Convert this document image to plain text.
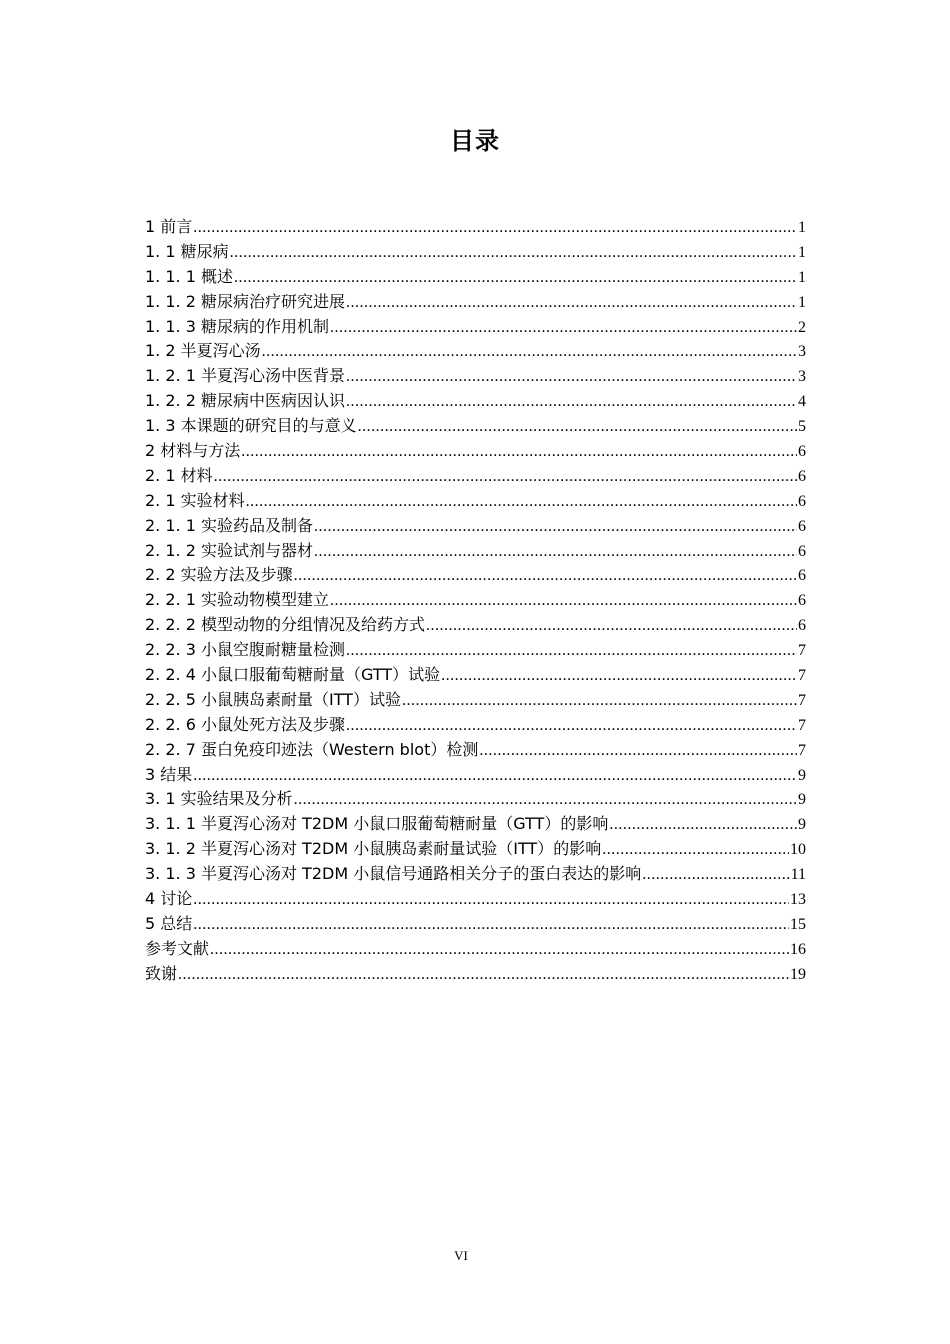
目录
1 前言 .....	1
1. 1 糖尿病 .....	1
1. 1. 1 概述 .....	1
1. 1. 2 糖尿病治疗研究进展 .....	1
1. 1. 3 糖尿病的作用机制 .....	2
1. 2 半夏泻心汤 .....	3
1. 2. 1 半夏泻心汤中医背景 .....	3
1. 2. 2 糖尿病中医病因认识 .....	4
1. 3 本课题的研究目的与意义 .....	5
2 材料与方法 .....	6
2. 1 材料 .....	6
2. 1 实验材料 .....	6
2. 1. 1 实验药品及制备 .....	6
2. 1. 2 实验试剂与器材 .....	6
2. 2 实验方法及步骤 .....	6
2. 2. 1 实验动物模型建立 .....	6
2. 2. 2 模型动物的分组情况及给药方式 .....	6
2. 2. 3 小鼠空腹耐糖量检测 .....	7
2. 2. 4 小鼠口服葡萄糖耐量（GTT）试验 .....	7
2. 2. 5 小鼠胰岛素耐量（ITT）试验 .....	7
2. 2. 6 小鼠处死方法及步骤 .....	7
2. 2. 7 蛋白免疫印迹法（Western blot）检测 .....	7
3 结果 .....	9
3. 1 实验结果及分析 .....	9
3. 1. 1 半夏泻心汤对 T2DM 小鼠口服葡萄糖耐量（GTT）的影响 .....	9
3. 1. 2 半夏泻心汤对 T2DM 小鼠胰岛素耐量试验（ITT）的影响 .....	10
3. 1. 3 半夏泻心汤对 T2DM 小鼠信号通路相关分子的蛋白表达的影响 .....	11
4 讨论 .....	13
5 总结 .....	15
参考文献 .....	16
致谢 .....	19
VI
